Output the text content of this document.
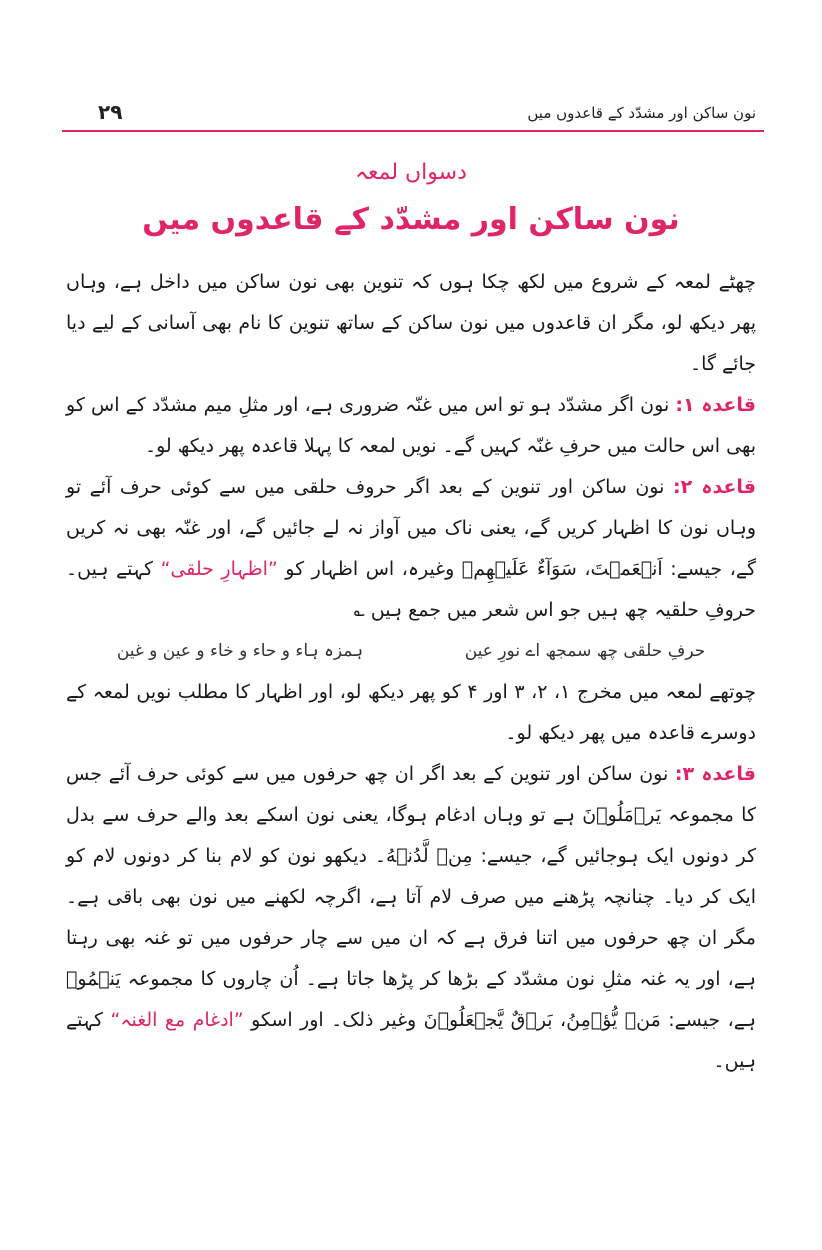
نون ساکن اور مشدّد کے قاعدوں میں
۲۹
دسواں لمعہ
نون ساکن اور مشدّد کے قاعدوں میں

چھٹے لمعہ کے شروع میں لکھ چکا ہوں کہ تنوین بھی نون ساکن میں داخل ہے، وہاں پھر دیکھ لو، مگر ان قاعدوں میں نون ساکن کے ساتھ تنوین کا نام بھی آسانی کے لیے دیا جائے گا۔

قاعدہ ۱: نون اگر مشدّد ہو تو اس میں غنّہ ضروری ہے، اور مثلِ میم مشدّد کے اس کو بھی اس حالت میں حرفِ غنّہ کہیں گے۔ نویں لمعہ کا پہلا قاعدہ پھر دیکھ لو۔

قاعدہ ۲: نون ساکن اور تنوین کے بعد اگر حروف حلقی میں سے کوئی حرف آئے تو وہاں نون کا اظہار کریں گے، یعنی ناک میں آواز نہ لے جائیں گے، اور غنّہ بھی نہ کریں گے، جیسے: اَنۡعَمۡتَ، سَوَآءٌ عَلَيۡهِمۡ وغیرہ، اس اظہار کو ”اظہارِ حلقی“ کہتے ہیں۔ حروفِ حلقیہ چھ ہیں جو اس شعر میں جمع ہیں ؎

حرفِ حلقی چھ سمجھ اے نورِ عین
ہمزہ ہاء و حاء و خاء و عین و غین

چوتھے لمعہ میں مخرج ۱، ۲، ۳ اور ۴ کو پھر دیکھ لو، اور اظہار کا مطلب نویں لمعہ کے دوسرے قاعدہ میں پھر دیکھ لو۔

قاعدہ ۳: نون ساکن اور تنوین کے بعد اگر ان چھ حرفوں میں سے کوئی حرف آئے جس کا مجموعہ يَرۡمَلُوۡنَ ہے تو وہاں ادغام ہوگا، یعنی نون اسکے بعد والے حرف سے بدل کر دونوں ایک ہوجائیں گے، جیسے: مِنۡ لَّدُنۡهُ۔ دیکھو نون کو لام بنا کر دونوں لام کو ایک کر دیا۔ چنانچہ پڑھنے میں صرف لام آتا ہے، اگرچہ لکھنے میں نون بھی باقی ہے۔ مگر ان چھ حرفوں میں اتنا فرق ہے کہ ان میں سے چار حرفوں میں تو غنہ بھی رہتا ہے، اور یہ غنہ مثلِ نون مشدّد کے بڑھا کر پڑھا جاتا ہے۔ اُن چاروں کا مجموعہ يَنۡمُوۡ ہے، جیسے: مَنۡ يُّؤۡمِنُ، بَرۡقٌ يَّجۡعَلُوۡنَ وغیر ذلک۔ اور اسکو ”ادغام مع الغنہ“ کہتے ہیں۔
